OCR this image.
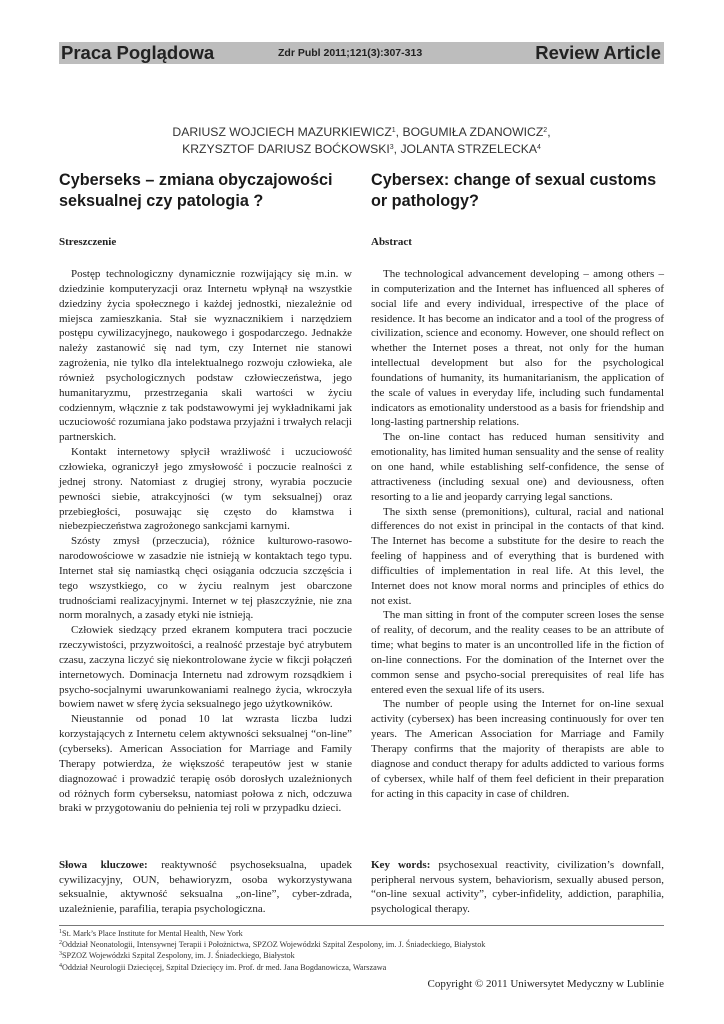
Praca Poglądowa	Zdr Publ 2011;121(3):307-313	Review Article
DARIUSZ WOJCIECH MAZURKIEWICZ$^1$, BOGUMIŁA ZDANOWICZ$^2$,
KRZYSZTOF DARIUSZ BOĆKOWSKI$^3$, JOLANTA STRZELECKA$^4$
Cyberseks – zmiana obyczajowości seksualnej czy patologia ?
Streszczenie

Postęp technologiczny dynamicznie rozwijający się m.in. w dziedzinie komputeryzacji oraz Internetu wpłynął na wszystkie dziedziny życia społecznego i każdej jednostki, niezależnie od miejsca zamieszkania. Stał sie wyznacznikiem i narzędziem postępu cywilizacyjnego, naukowego i gospodarczego. Jednakże należy zastanowić się nad tym, czy Internet nie stanowi zagrożenia, nie tylko dla intelektualnego rozwoju człowieka, ale również psychologicznych podstaw człowieczeństwa, jego humanitaryzmu, przestrzegania skali wartości w życiu codziennym, włącznie z tak podstawowymi jej wykładnikami jak uczuciowość rozumiana jako podstawa przyjaźni i trwałych relacji partnerskich.

Kontakt internetowy spłycił wrażliwość i uczuciowość człowieka, ograniczył jego zmysłowość i poczucie realności z jednej strony. Natomiast z drugiej strony, wyrabia poczucie pewności siebie, atrakcyjności (w tym seksualnej) oraz przebiegłości, posuwając się często do kłamstwa i niebezpieczeństwa zagrożonego sankcjami karnymi.

Szósty zmysł (przeczucia), różnice kulturowo-rasowo-narodowościowe w zasadzie nie istnieją w kontaktach tego typu. Internet stał się namiastką chęci osiągania odczucia szczęścia i tego wszystkiego, co w życiu realnym jest obarczone trudnościami realizacyjnymi. Internet w tej płaszczyźnie, nie zna norm moralnych, a zasady etyki nie istnieją.

Człowiek siedzący przed ekranem komputera traci poczucie rzeczywistości, przyzwoitości, a realność przestaje być atrybutem czasu, zaczyna liczyć się niekontrolowane życie w fikcji połączeń internetowych. Dominacja Internetu nad zdrowym rozsądkiem i psycho-socjalnymi uwarunkowaniami realnego życia, wkroczyła bowiem nawet w sferę życia seksualnego jego użytkowników.

Nieustannie od ponad 10 lat wzrasta liczba ludzi korzystających z Internetu celem aktywności seksualnej “on-line” (cyberseks). American Association for Marriage and Family Therapy potwierdza, że większość terapeutów jest w stanie diagnozować i prowadzić terapię osób dorosłych uzależnionych od różnych form cyberseksu, natomiast połowa z nich, odczuwa braki w przygotowaniu do pełnienia tej roli w przypadku dzieci.

Słowa kluczowe: reaktywność psychoseksualna, upadek cywilizacyjny, OUN, behawioryzm, osoba wykorzystywana seksualnie, aktywność seksualna „on-line”, cyber-zdrada, uzależnienie, parafilia, terapia psychologiczna.
Cybersex: change of sexual customs or pathology?
Abstract

The technological advancement developing – among others – in computerization and the Internet has influenced all spheres of social life and every individual, irrespective of the place of residence. It has become an indicator and a tool of the progress of civilization, science and economy. However, one should reflect on whether the Internet poses a threat, not only for the human intellectual development but also for the psychological foundations of humanity, its humanitarianism, the application of the scale of values in everyday life, including such fundamental indicators as emotionality understood as a basis for friendship and long-lasting partnership relations.

The on-line contact has reduced human sensitivity and emotionality, has limited human sensuality and the sense of reality on one hand, while establishing self-confidence, the sense of attractiveness (including sexual one) and deviousness, often resorting to a lie and jeopardy carrying legal sanctions.

The sixth sense (premonitions), cultural, racial and national differences do not exist in principal in the contacts of that kind. The Internet has become a substitute for the desire to reach the feeling of happiness and of everything that is burdened with difficulties of implementation in real life. At this level, the Internet does not know moral norms and principles of ethics do not exist.

The man sitting in front of the computer screen loses the sense of reality, of decorum, and the reality ceases to be an attribute of time; what begins to mater is an uncontrolled life in the fiction of on-line connections. For the domination of the Internet over the common sense and psycho-social prerequisites of real life has entered even the sexual life of its users.

The number of people using the Internet for on-line sexual activity (cybersex) has been increasing continuously for over ten years. The American Association for Marriage and Family Therapy confirms that the majority of therapists are able to diagnose and conduct therapy for adults addicted to various forms of cybersex, while half of them feel deficient in their preparation for acting in this capacity in case of children.

Key words: psychosexual reactivity, civilization’s downfall, peripheral nervous system, behaviorism, sexually abused person, “on-line sexual activity”, cyber-infidelity, addiction, paraphilia, psychological therapy.
$^1$St. Mark’s Place Institute for Mental Health, New York
$^2$Oddział Neonatologii, Intensywnej Terapii i Położnictwa, SPZOZ Wojewódzki Szpital Zespolony, im. J. Śniadeckiego, Białystok
$^3$SPZOZ Wojewódzki Szpital Zespolony, im. J. Śniadeckiego, Białystok
$^4$Oddział Neurologii Dziecięcej, Szpital Dziecięcy im. Prof. dr med. Jana Bogdanowicza, Warszawa
Copyright © 2011 Uniwersytet Medyczny w Lublinie
